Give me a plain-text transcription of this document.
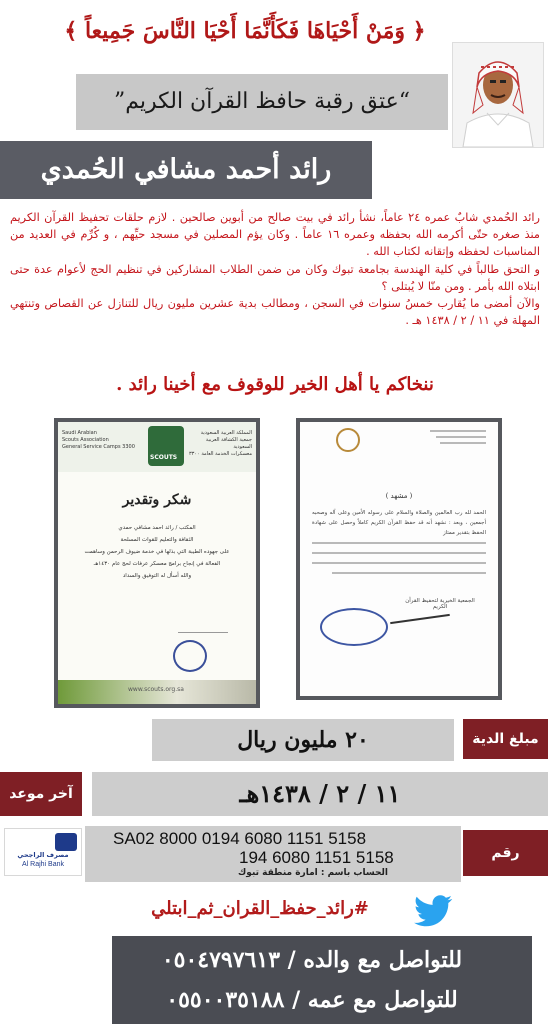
﴿ وَمَنْ أَحْيَاهَا فَكَأَنَّمَا أَحْيَا النَّاسَ جَمِيعاً ﴾
“عتق رقبة حافظ القرآن الكريم”
رائد أحمد مشافي الحُمدي

رائد الحُمدي شابٌ عمره ٢٤ عاماً، نشأ رائد في بيت صالح من أبوين صالحين . لازم حلقات تحفيظ القرآن الكريم منذ صغره حتّى أكرمه الله بحفظه وعمره ١٦ عاماً . وكان يؤم المصلين في مسجد حيِّهم ، و كُرِّم في العديد من المناسبات لحفظه وإتقانه لكتاب الله .

و التحق طالباً في كلية الهندسة بجامعة تبوك وكان من ضمن الطلاب المشاركين في تنظيم الحج لأعوام عدة حتى ابتلاه الله بأمر . ومن منّا لا يُبتلى ؟

والآن أمضى ما يُقارب خمسُ سنوات في السجن ، ومطالب بدية عشرين مليون ريال للتنازل عن القصاص وتنتهي المهلة في ١١ / ٢ / ١٤٣٨ هـ .

ننخاكم يا أهل الخير للوقوف مع أخينا رائد .
SCOUTS
المملكة العربية السعودية
جمعية الكشافة العربية السعودية
معسكرات الخدمة العامة ٣٣٠٠
Saudi Arabian
Scouts Association
General Service Camps 3300
شكر وتقدير
المكتب / رائد احمد مشافي حمدي
الثقافة والتعليم للقوات المسلحة
على جهوده الطيبة التي بذلها في خدمة ضيوف الرحمن وساهمت
الفعالة في إنجاح برامج معسكر عرفات لحج عام ١٤٣٠هـ
والله أسأل له التوفيق والسداد
www.scouts.org.sa
( مشهد )
الحمد لله رب العالمين والصلاة والسلام على رسوله الأمين وعلى آله وصحبه أجمعين ، وبعد : نشهد أنه قد حفظ القرآن الكريم كاملاً وحصل على شهادة الحفظ بتقدير ممتاز
الجمعية الخيرية لتحفيظ القرآن الكريم
مبلغ الدية
٢٠ مليون ريال
آخر موعد	١١ / ٢ / ١٤٣٨هـ
مصرف الراجحي
Al Rajhi Bank
SA02 8000 0194 6080 1151 5158
194 6080 1151 5158
الحساب باسم : امارة منطقة تبوك
رقم الحساب
#رائد_حفظ_القران_ثم_ابتلي
للتواصل مع والده / ٠٥٠٤٧٩٧٦١٣
للتواصل مع عمه / ٠٥٥٠٠٣٥١٨٨
